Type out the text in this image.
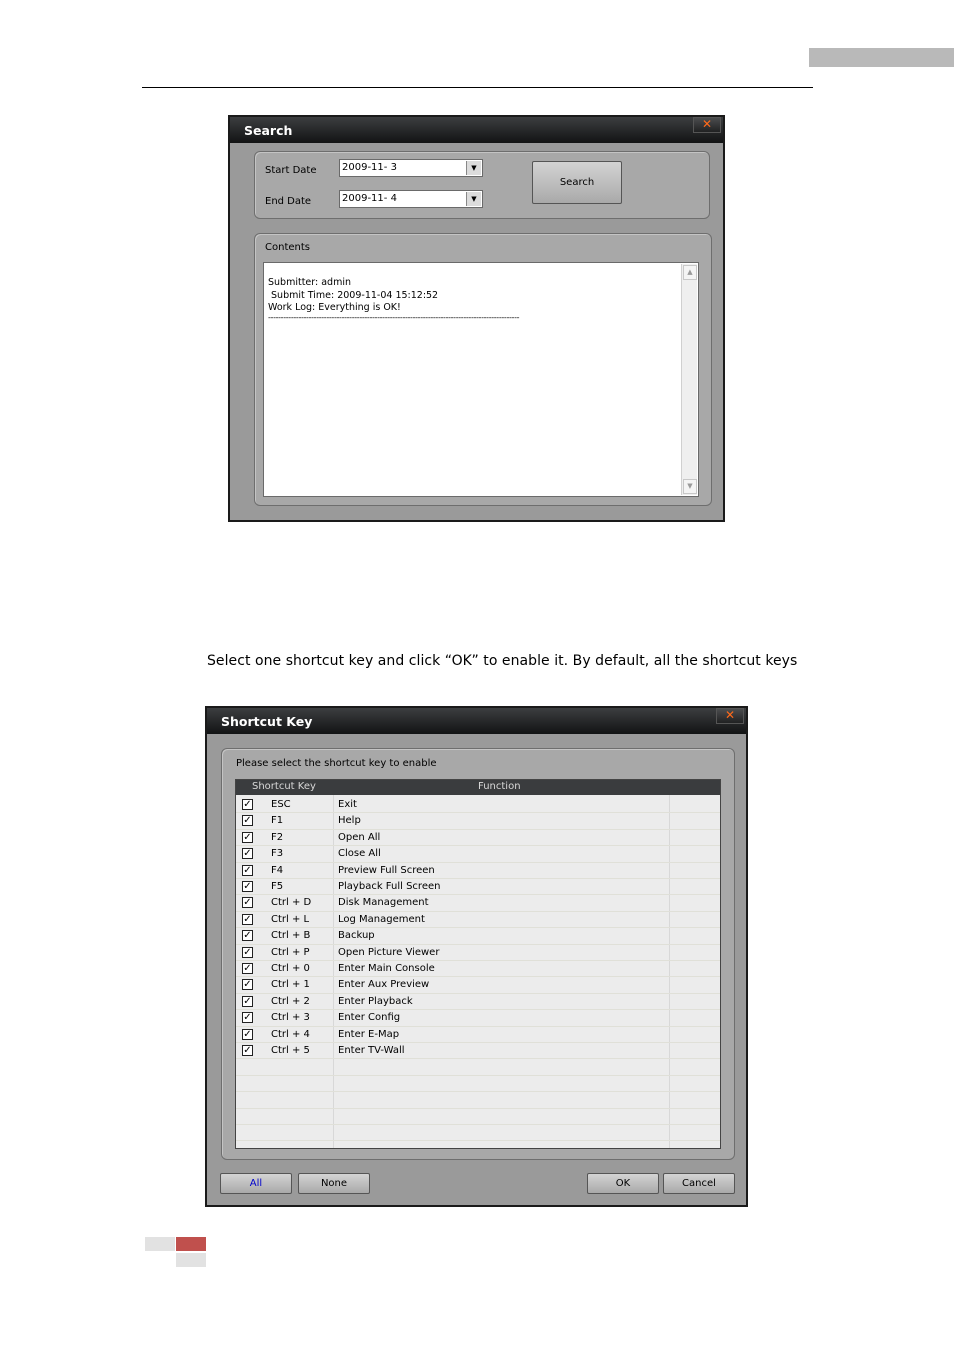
Search	✕
Start Date	2009-11- 3	▼
End Date	2009-11- 4	▼
Search
Contents
Submitter: admin
Submit Time: 2009-11-04 15:12:52
Work Log: Everything is OK!
---------------------------------------------------------------------------------------------------
▲
▼
Select one shortcut key and click “OK” to enable it. By default, all the shortcut keys
Shortcut Key	✕
Please select the shortcut key to enable
Shortcut Key	Function
✓ ESC	Exit
✓ F1	Help
✓ F2	Open All
✓ F3	Close All
✓ F4	Preview Full Screen
✓ F5	Playback Full Screen
✓ Ctrl + D	Disk Management
✓ Ctrl + L	Log Management
✓ Ctrl + B	Backup
✓ Ctrl + P	Open Picture Viewer
✓ Ctrl + 0	Enter Main Console
✓ Ctrl + 1	Enter Aux Preview
✓ Ctrl + 2	Enter Playback
✓ Ctrl + 3	Enter Config
✓ Ctrl + 4	Enter E-Map
✓ Ctrl + 5	Enter TV-Wall
All	None	OK	Cancel
